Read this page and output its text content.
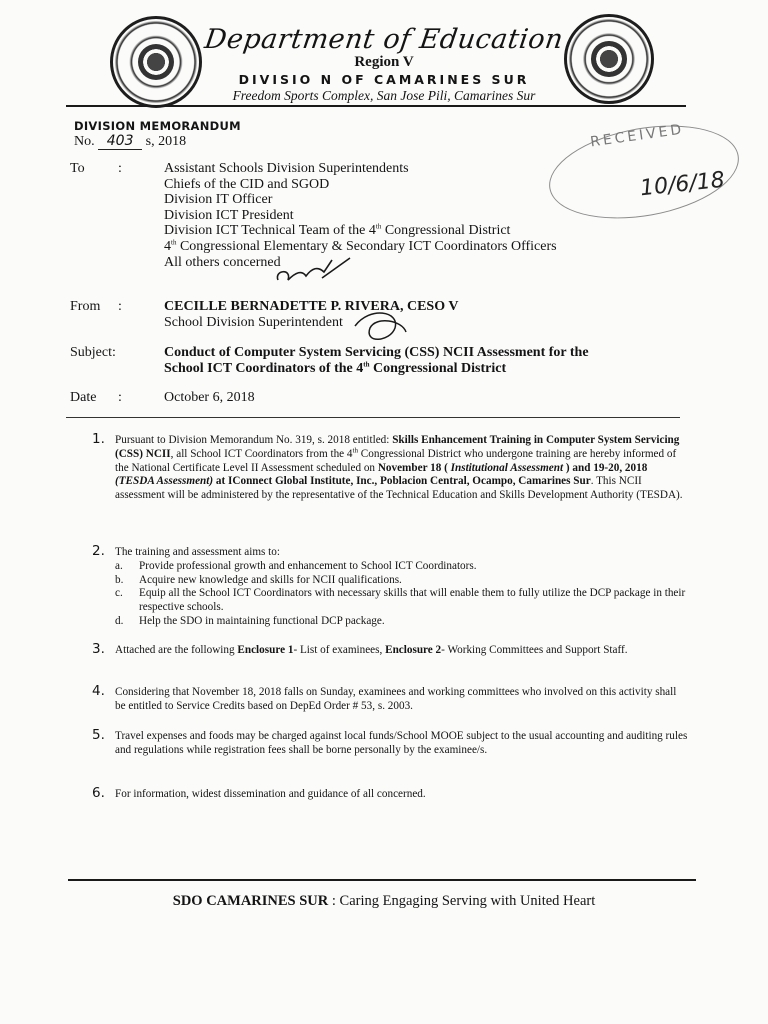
Department of Education
Region V
DIVISIO N OF CAMARINES SUR
Freedom Sports Complex, San Jose Pili, Camarines Sur
RECEIVED
10/6/18
DIVISION MEMORANDUM
No. 403 s, 2018
To :	Assistant Schools Division Superintendents
Chiefs of the CID and SGOD
Division IT Officer
Division ICT President
Division ICT Technical Team of the 4th Congressional District
4th Congressional Elementary & Secondary ICT Coordinators Officers
All others concerned
From :	CECILLE BERNADETTE P. RIVERA, CESO V
School Division Superintendent
Subject:	Conduct of Computer System Servicing (CSS) NCII Assessment for the
School ICT Coordinators of the 4th Congressional District
Date :	October 6, 2018
1. Pursuant to Division Memorandum No. 319, s. 2018 entitled: Skills Enhancement Training in Computer System Servicing (CSS) NCII, all School ICT Coordinators from the 4th Congressional District who undergone training are hereby informed of the National Certificate Level II Assessment scheduled on November 18 ( Institutional Assessment ) and 19-20, 2018 (TESDA Assessment) at IConnect Global Institute, Inc., Poblacion Central, Ocampo, Camarines Sur. This NCII assessment will be administered by the representative of the Technical Education and Skills Development Authority (TESDA).
2. The training and assessment aims to:
a. Provide professional growth and enhancement to School ICT Coordinators.
b. Acquire new knowledge and skills for NCII qualifications.
c. Equip all the School ICT Coordinators with necessary skills that will enable them to fully utilize the DCP package in their respective schools.
d. Help the SDO in maintaining functional DCP package.
3. Attached are the following Enclosure 1- List of examinees, Enclosure 2- Working Committees and Support Staff.
4. Considering that November 18, 2018 falls on Sunday, examinees and working committees who involved on this activity shall be entitled to Service Credits based on DepEd Order # 53, s. 2003.
5. Travel expenses and foods may be charged against local funds/School MOOE subject to the usual accounting and auditing rules and regulations while registration fees shall be borne personally by the examinee/s.
6. For information, widest dissemination and guidance of all concerned.
SDO CAMARINES SUR : Caring Engaging Serving with United Heart
